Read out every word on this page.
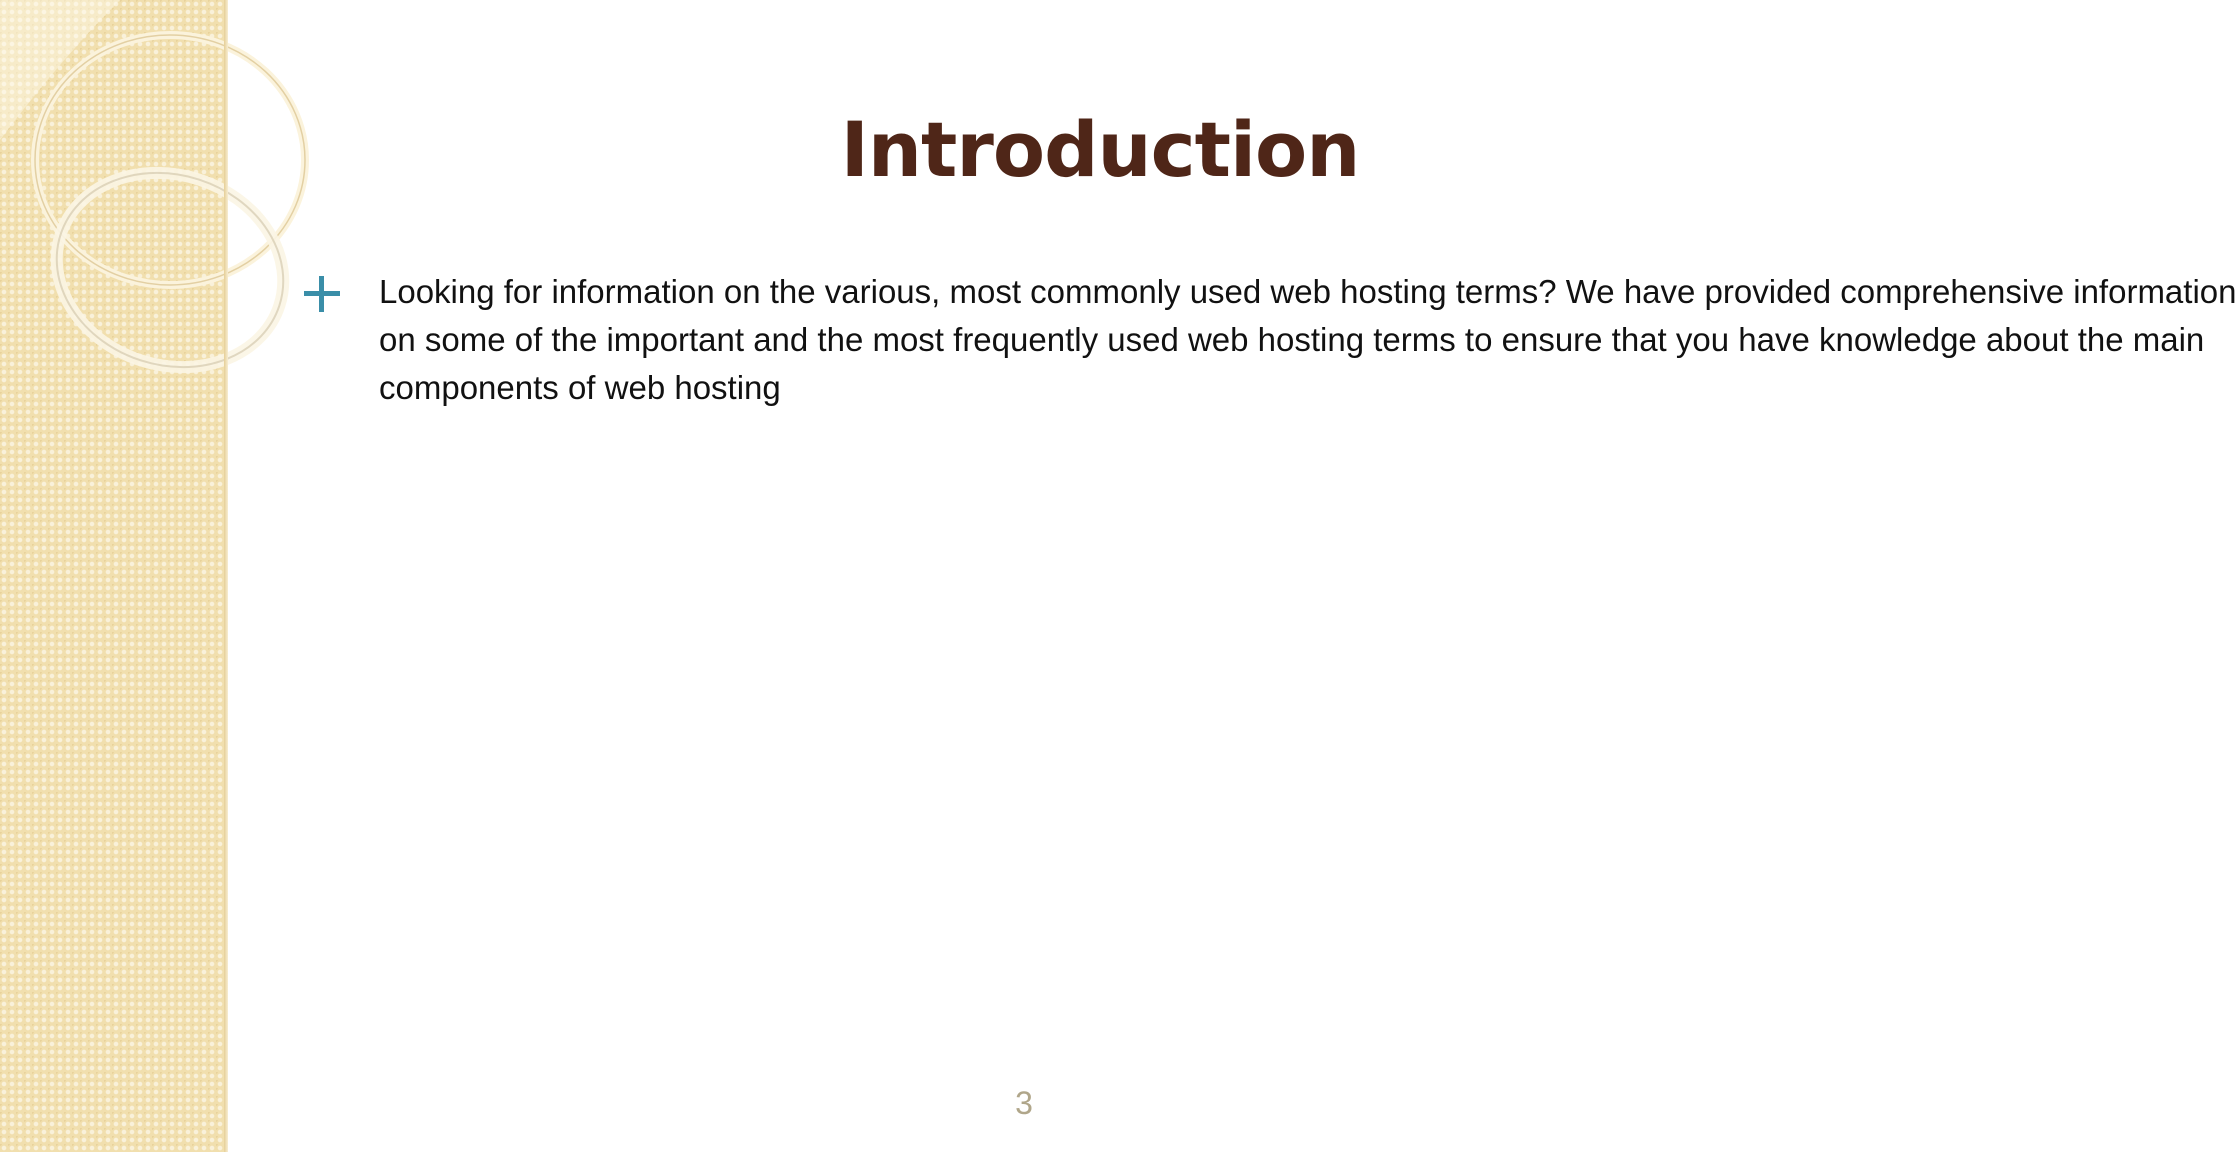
Introduction
Looking for information on the various, most commonly used web hosting terms? We have provided comprehensive information on some of the important and the most frequently used web hosting terms to ensure that you have knowledge about the main components of web hosting
3
